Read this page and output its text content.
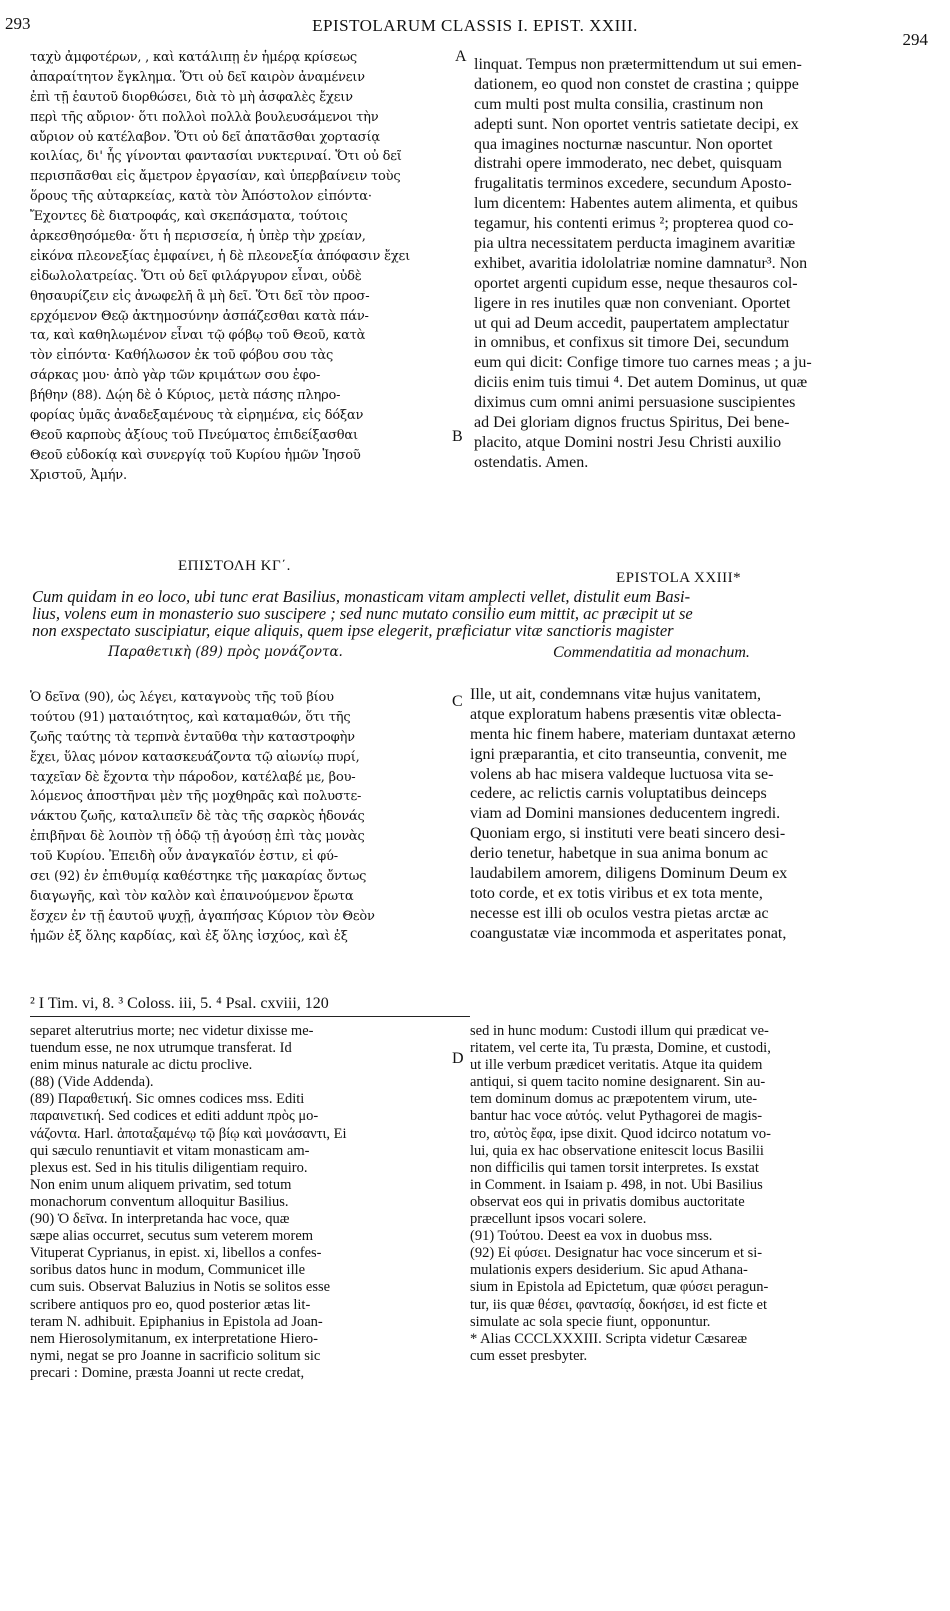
293	EPISTOLARUM CLASSIS I. EPIST. XXIII.
294
ταχὺ ἀμφοτέρων, , καὶ κατάλιπῃ ἐν ἡμέρᾳ κρίσεως
ἀπαραίτητον ἔγκλημα. Ὅτι οὐ δεῖ καιρὸν ἀναμένειν
ἐπὶ τῇ ἑαυτοῦ διορθώσει, διὰ τὸ μὴ ἀσφαλὲς ἔχειν
περὶ τῆς αὔριον· ὅτι πολλοὶ πολλὰ βουλευσάμενοι τὴν
αὔριον οὐ κατέλαβον. Ὅτι οὐ δεῖ ἀπατᾶσθαι χορτασίᾳ
κοιλίας, δι' ἧς γίνονται φαντασίαι νυκτεριναί. Ὅτι οὐ δεῖ
περισπᾶσθαι εἰς ἄμετρον ἐργασίαν, καὶ ὑπερβαίνειν τοὺς
ὅρους τῆς αὐταρκείας, κατὰ τὸν Ἀπόστολον εἰπόντα·
Ἔχοντες δὲ διατροφάς, καὶ σκεπάσματα, τούτοις
ἀρκεσθησόμεθα· ὅτι ἡ περισσεία, ἡ ὑπὲρ τὴν χρείαν,
εἰκόνα πλεονεξίας ἐμφαίνει, ἡ δὲ πλεονεξία ἀπόφασιν ἔχει
εἰδωλολατρείας. Ὅτι οὐ δεῖ φιλάργυρον εἶναι, οὐδὲ
θησαυρίζειν εἰς ἀνωφελῆ ἃ μὴ δεῖ. Ὅτι δεῖ τὸν προσ-
ερχόμενον Θεῷ ἀκτημοσύνην ἀσπάζεσθαι κατὰ πάν-
τα, καὶ καθηλωμένον εἶναι τῷ φόβῳ τοῦ Θεοῦ, κατὰ
τὸν εἰπόντα· Καθήλωσον ἐκ τοῦ φόβου σου τὰς
σάρκας μου· ἀπὸ γὰρ τῶν κριμάτων σου ἐφο-
βήθην (88). Δῴη δὲ ὁ Κύριος, μετὰ πάσης πληρο-
φορίας ὑμᾶς ἀναδεξαμένους τὰ εἰρημένα, εἰς δόξαν
Θεοῦ καρποὺς ἀξίους τοῦ Πνεύματος ἐπιδείξασθαι
Θεοῦ εὐδοκίᾳ καὶ συνεργίᾳ τοῦ Κυρίου ἡμῶν Ἰησοῦ
Χριστοῦ, Ἀμήν.
linquat. Tempus non prætermittendum ut sui emen-
dationem, eo quod non constet de crastina ; quippe
cum multi post multa consilia, crastinum non
adepti sunt. Non oportet ventris satietate decipi, ex
qua imagines nocturnæ nascuntur. Non oportet
distrahi opere immoderato, nec debet, quisquam
frugalitatis terminos excedere, secundum Aposto-
lum dicentem: Habentes autem alimenta, et quibus
tegamur, his contenti erimus ²; propterea quod co-
pia ultra necessitatem perducta imaginem avaritiæ
exhibet, avaritia idololatriæ nomine damnatur³. Non
oportet argenti cupidum esse, neque thesauros col-
ligere in res inutiles quæ non conveniant. Oportet
ut qui ad Deum accedit, paupertatem amplectatur
in omnibus, et confixus sit timore Dei, secundum
eum qui dicit: Confige timore tuo carnes meas ; a ju-
diciis enim tuis timui ⁴. Det autem Dominus, ut quæ
diximus cum omni animi persuasione suscipientes
ad Dei gloriam dignos fructus Spiritus, Dei bene-
placito, atque Domini nostri Jesu Christi auxilio
ostendatis. Amen.
A
B
ΕΠΙΣΤΟΛΗ ΚΓ΄.
EPISTOLA XXIII*
Cum quidam in eo loco, ubi tunc erat Basilius, monasticam vitam amplecti vellet, distulit eum Basi-
lius, volens eum in monasterio suo suscipere ; sed nunc mutato consilio eum mittit, ac præcipit ut se
non exspectato suscipiatur, eique aliquis, quem ipse elegerit, præficiatur vitæ sanctioris magister
Παραθετικὴ (89) πρὸς μονάζοντα.	Commendatitia ad monachum.
Ὁ δεῖνα (90), ὡς λέγει, καταγνοὺς τῆς τοῦ βίου
τούτου (91) ματαιότητος, καὶ καταμαθών, ὅτι τῆς
ζωῆς ταύτης τὰ τερπνὰ ἐνταῦθα τὴν καταστροφὴν
ἔχει, ὕλας μόνον κατασκευάζοντα τῷ αἰωνίῳ πυρί,
ταχεῖαν δὲ ἔχοντα τὴν πάροδον, κατέλαβέ με, βου-
λόμενος ἀποστῆναι μὲν τῆς μοχθηρᾶς καὶ πολυστε-
νάκτου ζωῆς, καταλιπεῖν δὲ τὰς τῆς σαρκὸς ἡδονάς
ἐπιβῆναι δὲ λοιπὸν τῇ ὁδῷ τῇ ἀγούσῃ ἐπὶ τὰς μονὰς
τοῦ Κυρίου. Ἐπειδὴ οὖν ἀναγκαῖόν ἐστιν, εἰ φύ-
σει (92) ἐν ἐπιθυμίᾳ καθέστηκε τῆς μακαρίας ὄντως
διαγωγῆς, καὶ τὸν καλὸν καὶ ἐπαινούμενον ἔρωτα
ἔσχεν ἐν τῇ ἑαυτοῦ ψυχῇ, ἀγαπήσας Κύριον τὸν Θεὸν
ἡμῶν ἐξ ὅλης καρδίας, καὶ ἐξ ὅλης ἰσχύος, καὶ ἐξ
Ille, ut ait, condemnans vitæ hujus vanitatem,
atque exploratum habens præsentis vitæ oblecta-
menta hic finem habere, materiam duntaxat æterno
igni præparantia, et cito transeuntia, convenit, me
volens ab hac misera valdeque luctuosa vita se-
cedere, ac relictis carnis voluptatibus deinceps
viam ad Domini mansiones deducentem ingredi.
Quoniam ergo, si instituti vere beati sincero desi-
derio tenetur, habetque in sua anima bonum ac
laudabilem amorem, diligens Dominum Deum ex
toto corde, et ex totis viribus et ex tota mente,
necesse est illi ob oculos vestra pietas arctæ ac
coangustatæ viæ incommoda et asperitates ponat,
C
² I Tim. vi, 8. ³ Coloss. iii, 5. ⁴ Psal. cxviii, 120
separet alterutrius morte; nec videtur dixisse me-
tuendum esse, ne nox utrumque transferat. Id
enim minus naturale ac dictu proclive.
(88) (Vide Addenda).
(89) Παραθετική. Sic omnes codices mss. Editi
παραινετική. Sed codices et editi addunt πρὸς μο-
νάζοντα. Harl. ἀποταξαμένῳ τῷ βίῳ καὶ μονάσαντι, Ei
qui sæculo renuntiavit et vitam monasticam am-
plexus est. Sed in his titulis diligentiam requiro.
Non enim unum aliquem privatim, sed totum
monachorum conventum alloquitur Basilius.
(90) Ὁ δεῖνα. In interpretanda hac voce, quæ
sæpe alias occurret, secutus sum veterem morem
Vituperat Cyprianus, in epist. xi, libellos a confes-
soribus datos hunc in modum, Communicet ille
cum suis. Observat Baluzius in Notis se solitos esse
scribere antiquos pro eo, quod posterior ætas lit-
teram N. adhibuit. Epiphanius in Epistola ad Joan-
nem Hierosolymitanum, ex interpretatione Hiero-
nymi, negat se pro Joanne in sacrificio solitum sic
precari : Domine, præsta Joanni ut recte credat,
sed in hunc modum: Custodi illum qui prædicat ve-
ritatem, vel certe ita, Tu præsta, Domine, et custodi,
ut ille verbum prædicet veritatis. Atque ita quidem
antiqui, si quem tacito nomine designarent. Sin au-
tem dominum domus ac præpotentem virum, ute-
bantur hac voce αὐτός. velut Pythagorei de magis-
tro, αὐτὸς ἔφα, ipse dixit. Quod idcirco notatum vo-
lui, quia ex hac observatione enitescit locus Basilii
non difficilis qui tamen torsit interpretes. Is exstat
in Comment. in Isaiam p. 498, in not. Ubi Basilius
observat eos qui in privatis domibus auctoritate
præcellunt ipsos vocari solere.
(91) Τούτου. Deest ea vox in duobus mss.
(92) Εἰ φύσει. Designatur hac voce sincerum et si-
mulationis expers desiderium. Sic apud Athana-
sium in Epistola ad Epictetum, quæ φύσει peragun-
tur, iis quæ θέσει, φαντασίᾳ, δοκήσει, id est ficte et
simulate ac sola specie fiunt, opponuntur.
* Alias CCCLXXXIII. Scripta videtur Cæsareæ
cum esset presbyter.
D
